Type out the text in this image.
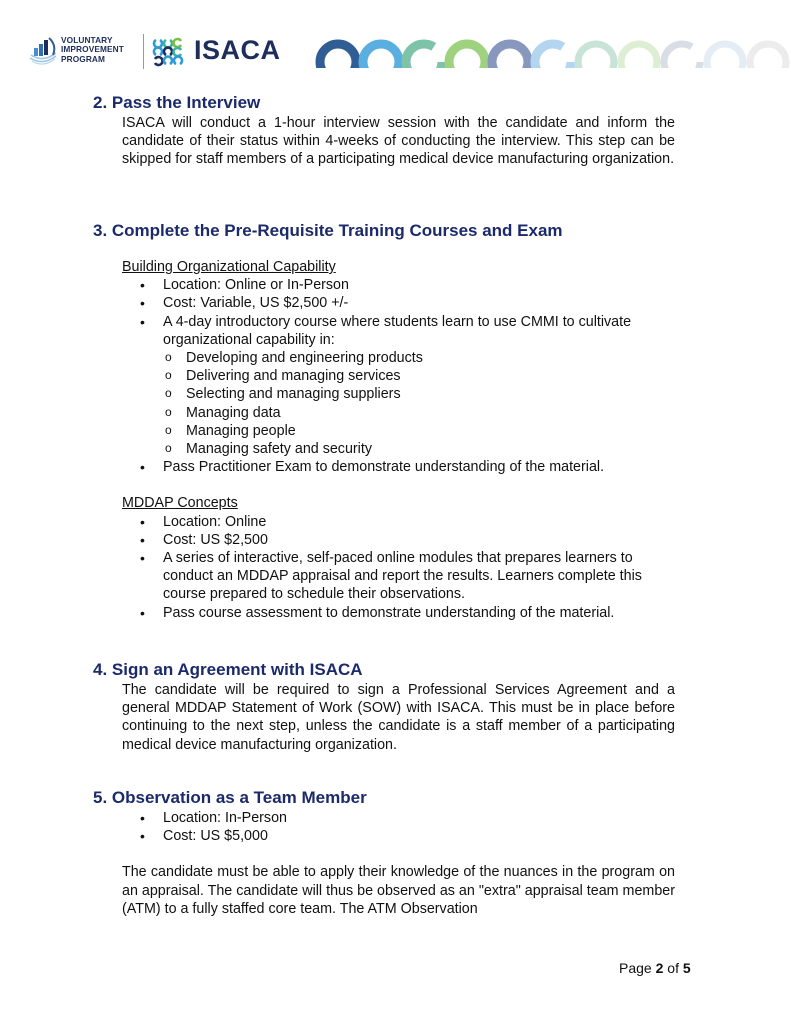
VOLUNTARY
IMPROVEMENT
PROGRAM	ISACA
2. Pass the Interview

ISACA will conduct a 1-hour interview session with the candidate and inform the candidate of their status within 4-weeks of conducting the interview. This step can be skipped for staff members of a participating medical device manufacturing organization.

3. Complete the Pre-Requisite Training Courses and Exam
Building Organizational Capability
• Location: Online or In-Person
• Cost: Variable, US $2,500 +/-
• A 4-day introductory course where students learn to use CMMI to cultivate organizational capability in:
o Developing and engineering products
o Delivering and managing services
o Selecting and managing suppliers
o Managing data
o Managing people
o Managing safety and security
• Pass Practitioner Exam to demonstrate understanding of the material.
MDDAP Concepts
• Location: Online
• Cost: US $2,500
• A series of interactive, self-paced online modules that prepares learners to conduct an MDDAP appraisal and report the results. Learners complete this course prepared to schedule their observations.
• Pass course assessment to demonstrate understanding of the material.
4. Sign an Agreement with ISACA

The candidate will be required to sign a Professional Services Agreement and a general MDDAP Statement of Work (SOW) with ISACA. This must be in place before continuing to the next step, unless the candidate is a staff member of a participating medical device manufacturing organization.

5. Observation as a Team Member
• Location: In-Person
• Cost: US $5,000

The candidate must be able to apply their knowledge of the nuances in the program on an appraisal. The candidate will thus be observed as an "extra" appraisal team member (ATM) to a fully staffed core team. The ATM Observation

Page 2 of 5
